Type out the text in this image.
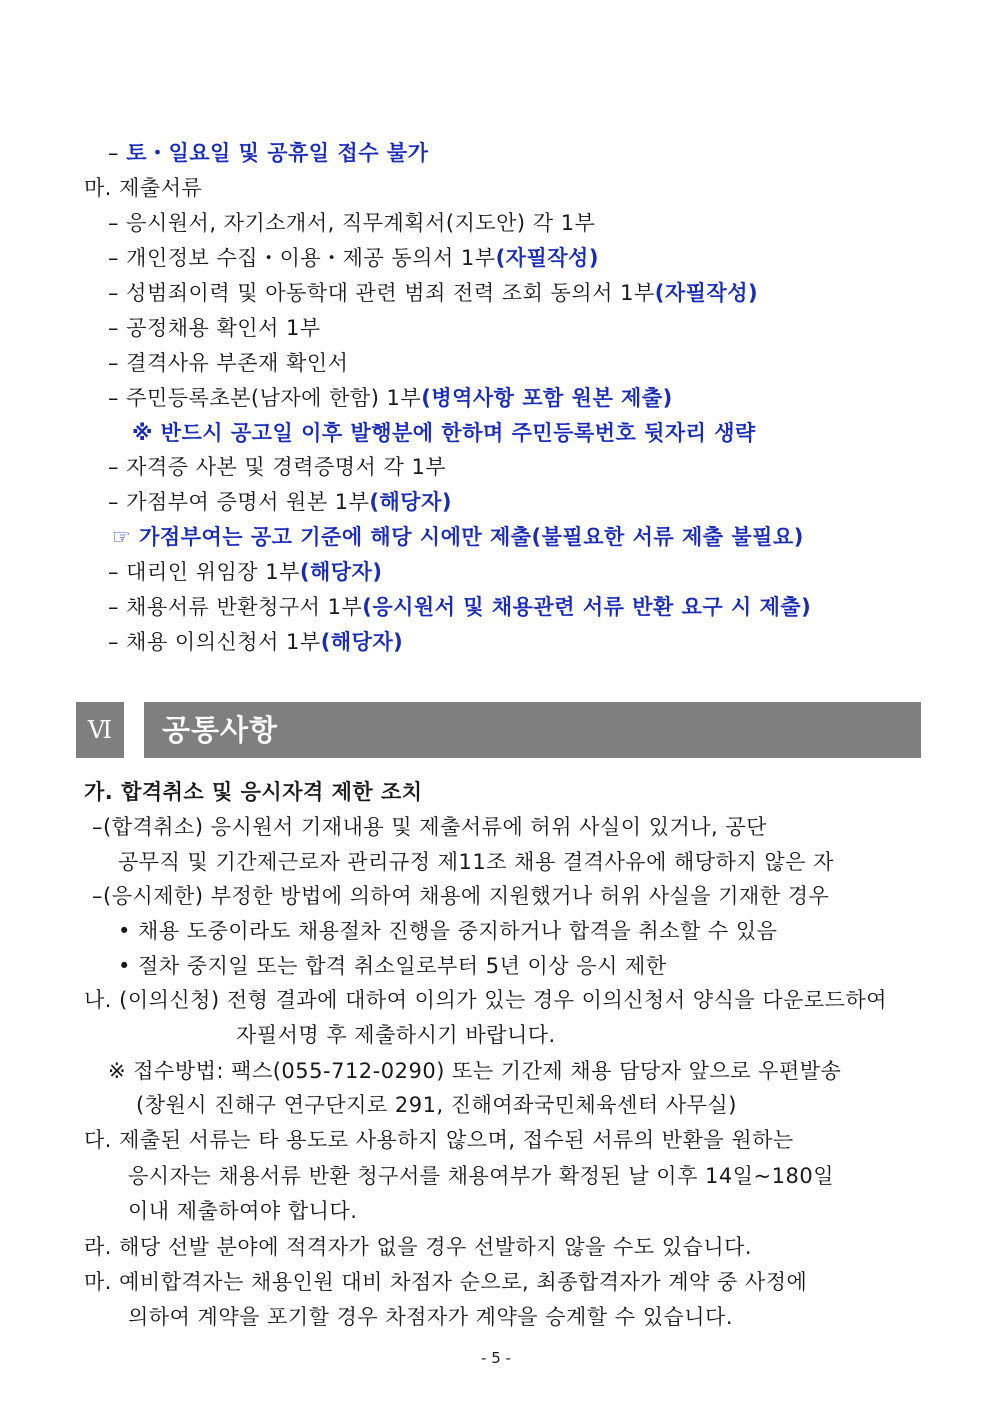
– 토・일요일 및 공휴일 접수 불가
마. 제출서류
– 응시원서, 자기소개서, 직무계획서(지도안) 각 1부
– 개인정보 수집・이용・제공 동의서 1부(자필작성)
– 성범죄이력 및 아동학대 관련 범죄 전력 조회 동의서 1부(자필작성)
– 공정채용 확인서 1부
– 결격사유 부존재 확인서
– 주민등록초본(남자에 한함) 1부(병역사항 포함 원본 제출)
※ 반드시 공고일 이후 발행분에 한하며 주민등록번호 뒷자리 생략
– 자격증 사본 및 경력증명서 각 1부
– 가점부여 증명서 원본 1부(해당자)
☞ 가점부여는 공고 기준에 해당 시에만 제출(불필요한 서류 제출 불필요)
– 대리인 위임장 1부(해당자)
– 채용서류 반환청구서 1부(응시원서 및 채용관련 서류 반환 요구 시 제출)
– 채용 이의신청서 1부(해당자)
Ⅵ	공통사항
가. 합격취소 및 응시자격 제한 조치
–(합격취소) 응시원서 기재내용 및 제출서류에 허위 사실이 있거나, 공단
공무직 및 기간제근로자 관리규정 제11조 채용 결격사유에 해당하지 않은 자
–(응시제한) 부정한 방법에 의하여 채용에 지원했거나 허위 사실을 기재한 경우
• 채용 도중이라도 채용절차 진행을 중지하거나 합격을 취소할 수 있음
• 절차 중지일 또는 합격 취소일로부터 5년 이상 응시 제한
나. (이의신청) 전형 결과에 대하여 이의가 있는 경우 이의신청서 양식을 다운로드하여
자필서명 후 제출하시기 바랍니다.
※ 접수방법: 팩스(055-712-0290) 또는 기간제 채용 담당자 앞으로 우편발송
(창원시 진해구 연구단지로 291, 진해여좌국민체육센터 사무실)
다. 제출된 서류는 타 용도로 사용하지 않으며, 접수된 서류의 반환을 원하는
응시자는 채용서류 반환 청구서를 채용여부가 확정된 날 이후 14일~180일
이내 제출하여야 합니다.
라. 해당 선발 분야에 적격자가 없을 경우 선발하지 않을 수도 있습니다.
마. 예비합격자는 채용인원 대비 차점자 순으로, 최종합격자가 계약 중 사정에
의하여 계약을 포기할 경우 차점자가 계약을 승계할 수 있습니다.
- 5 -
